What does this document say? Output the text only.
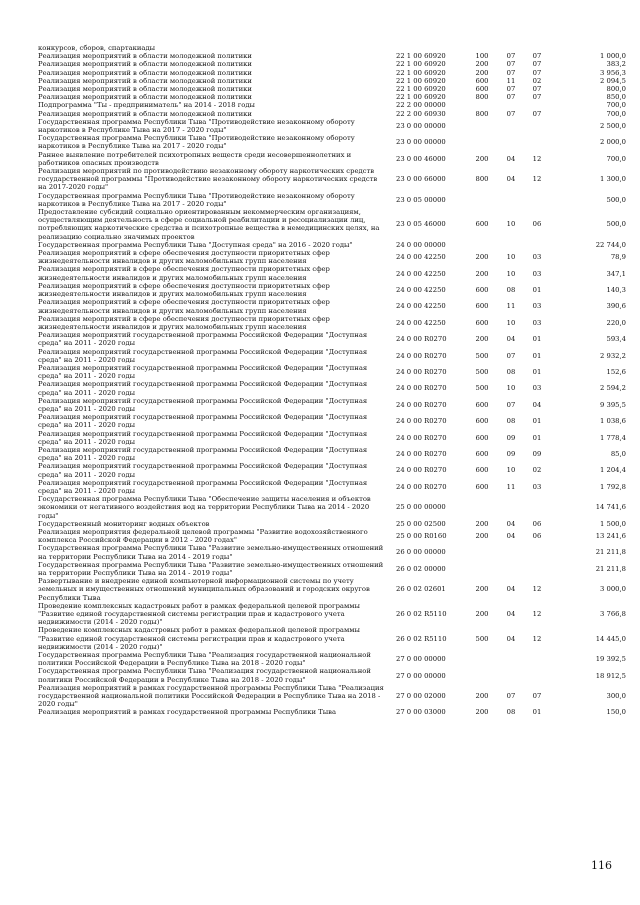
конкурсов, сборов, спартакиады					
Реализация мероприятий в области молодежной политики	22 1 00 60920	100	07	07	1 000,0
Реализация мероприятий в области молодежной политики	22 1 00 60920	200	07	07	383,2
Реализация мероприятий в области молодежной политики	22 1 00 60920	200	07	07	3 956,3
Реализация мероприятий в области молодежной политики	22 1 00 60920	600	11	02	2 094,5
Реализация мероприятий в области молодежной политики	22 1 00 60920	600	07	07	800,0
Реализация мероприятий в области молодежной политики	22 1 00 60920	800	07	07	850,0
Подпрограмма "Ты - предприниматель" на 2014 - 2018 годы	22 2 00 00000				700,0
Реализация мероприятий в области молодежной политики	22 2 00 60930	800	07	07	700,0
Государственная программа Республики Тыва "Противодействие незаконному обороту наркотиков в Республике Тыва на 2017 - 2020 годы"	23 0 00 00000				2 500,0
Государственная программа Республики Тыва "Противодействие незаконному обороту наркотиков в Республике Тыва на 2017 - 2020 годы"	23 0 00 00000				2 000,0
Раннее выявление потребителей психотропных веществ среди несовершеннолетних и работников опасных производств	23 0 00 46000	200	04	12	700,0
Реализация мероприятий по противодействию незаконному обороту наркотических средств государственной программы "Противодействие незаконному обороту наркотических средств на 2017-2020 годы"	23 0 00 66000	800	04	12	1 300,0
Государственная программа Республики Тыва "Противодействие незаконному обороту наркотиков в Республике Тыва на 2017 - 2020 годы"	23 0 05 00000				500,0
Предоставление субсидий социально ориентированным некоммерческим организациям, осуществляющим деятельность в сфере социальной реабилитации и ресоциализации лиц, потребляющих наркотические средства и психотропные вещества в немедицинских целях, на реализацию социально значимых проектов	23 0 05 46000	600	10	06	500,0
Государственная программа Республики Тыва "Доступная среда" на 2016 - 2020 годы"	24 0 00 00000				22 744,0
Реализация мероприятий в сфере обеспечения доступности приоритетных сфер жизнедеятельности инвалидов и других маломобильных групп населения	24 0 00 42250	200	10	03	78,9
Реализация мероприятий в сфере обеспечения доступности приоритетных сфер жизнедеятельности инвалидов и других маломобильных групп населения	24 0 00 42250	200	10	03	347,1
Реализация мероприятий в сфере обеспечения доступности приоритетных сфер жизнедеятельности инвалидов и других маломобильных групп населения	24 0 00 42250	600	08	01	140,3
Реализация мероприятий в сфере обеспечения доступности приоритетных сфер жизнедеятельности инвалидов и других маломобильных групп населения	24 0 00 42250	600	11	03	390,6
Реализация мероприятий в сфере обеспечения доступности приоритетных сфер жизнедеятельности инвалидов и других маломобильных групп населения	24 0 00 42250	600	10	03	220,0
Реализация мероприятий государственной программы Российской Федерации "Доступная среда" на 2011 - 2020 годы	24 0 00 R0270	200	04	01	593,4
Реализация мероприятий государственной программы Российской Федерации "Доступная среда" на 2011 - 2020 годы	24 0 00 R0270	500	07	01	2 932,2
Реализация мероприятий государственной программы Российской Федерации "Доступная среда" на 2011 - 2020 годы	24 0 00 R0270	500	08	01	152,6
Реализация мероприятий государственной программы Российской Федерации "Доступная среда" на 2011 - 2020 годы	24 0 00 R0270	500	10	03	2 594,2
Реализация мероприятий государственной программы Российской Федерации "Доступная среда" на 2011 - 2020 годы	24 0 00 R0270	600	07	04	9 395,5
Реализация мероприятий государственной программы Российской Федерации "Доступная среда" на 2011 - 2020 годы	24 0 00 R0270	600	08	01	1 038,6
Реализация мероприятий государственной программы Российской Федерации "Доступная среда" на 2011 - 2020 годы	24 0 00 R0270	600	09	01	1 778,4
Реализация мероприятий государственной программы Российской Федерации "Доступная среда" на 2011 - 2020 годы	24 0 00 R0270	600	09	09	85,0
Реализация мероприятий государственной программы Российской Федерации "Доступная среда" на 2011 - 2020 годы	24 0 00 R0270	600	10	02	1 204,4
Реализация мероприятий государственной программы Российской Федерации "Доступная среда" на 2011 - 2020 годы	24 0 00 R0270	600	11	03	1 792,8
Государственная программа Республики Тыва "Обеспечение защиты населения и объектов экономики от негативного воздействия вод на территории Республики Тыва на 2014 - 2020 годы"	25 0 00 00000				14 741,6
Государственный мониторинг водных объектов	25 0 00 02500	200	04	06	1 500,0
Реализация мероприятия федеральной целевой программы "Развитие водохозяйственного комплекса Российской Федерации в 2012 - 2020 годах"	25 0 00 R0160	200	04	06	13 241,6
Государственная программа Республики Тыва "Развитие земельно-имущественных отношений на территории Республики Тыва на 2014 - 2019 годы"	26 0 00 00000				21 211,8
Государственная программа Республики Тыва "Развитие земельно-имущественных отношений на территории Республики Тыва на 2014 - 2019 годы"	26 0 02 00000				21 211,8
Развертывание и внедрение единой компьютерной информационной системы по учету земельных и имущественных отношений муниципальных образований и городских округов Республики Тыва	26 0 02 02601	200	04	12	3 000,0
Проведение комплексных кадастровых работ в рамках федеральной целевой программы "Развитие единой государственной системы регистрации прав и кадастрового учета недвижимости (2014 - 2020 годы)"	26 0 02 R5110	200	04	12	3 766,8
Проведение комплексных кадастровых работ в рамках федеральной целевой программы "Развитие единой государственной системы регистрации прав и кадастрового учета недвижимости (2014 - 2020 годы)"	26 0 02 R5110	500	04	12	14 445,0
Государственная программа Республики Тыва "Реализация государственной национальной политики Российской Федерации в Республике Тыва на 2018 - 2020 годы"	27 0 00 00000				19 392,5
Государственная программа Республики Тыва "Реализация государственной национальной политики Российской Федерации в Республике Тыва на 2018 - 2020 годы"	27 0 00 00000				18 912,5
Реализация мероприятий в рамках государственной программы Республики Тыва "Реализация государственной национальной политики Российской Федерации в Республике Тыва на 2018 - 2020 годы"	27 0 00 02000	200	07	07	300,0
Реализация мероприятий в рамках государственной программы Республики Тыва	27 0 00 03000	200	08	01	150,0
116
